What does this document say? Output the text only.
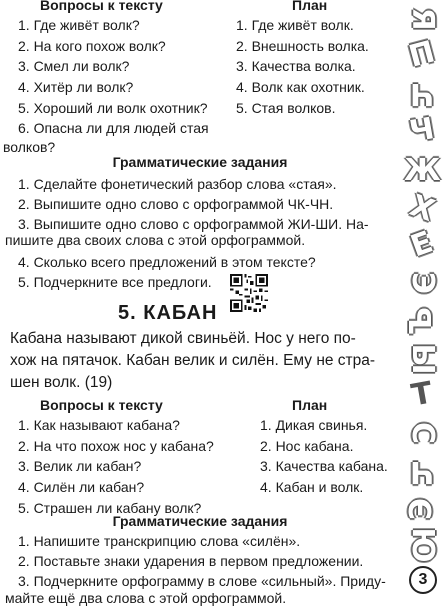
Вопросы к тексту	План
1. Где живёт волк?
2. На кого похож волк?
3. Смел ли волк?
4. Хитёр ли волк?
5. Хороший ли волк охотник?
6. Опасна ли для людей стая
волков?
1. Где живёт волк.
2. Внешность волка.
3. Качества волка.
4. Волк как охотник.
5. Стая волков.
Грамматические задания
1. Сделайте фонетический разбор слова «стая».
2. Выпишите одно слово с орфограммой ЧК-ЧН.
3. Выпишите одно слово с орфограммой ЖИ-ШИ. На-
пишите два своих слова с этой орфограммой.
4. Сколько всего предложений в этом тексте?
5. Подчеркните все предлоги.
5. КАБАН
Кабана называют дикой свиньёй. Нос у него по-
хож на пятачок. Кабан велик и силён. Ему не стра-
шен волк. (19)
Вопросы к тексту	План
1. Как называют кабана?
2. На что похож нос у кабана?
3. Велик ли кабан?
4. Силён ли кабан?
5. Страшен ли кабану волк?
1. Дикая свинья.
2. Нос кабана.
3. Качества кабана.
4. Кабан и волк.
Грамматические задания
1. Напишите транскрипцию слова «силён».
2. Поставьте знаки ударения в первом предложении.
3. Подчеркните орфограмму в слове «сильный». Приду-
майте ещё два слова с этой орфограммой.
Я
П
Ч
Ч
Ж
Х
Е
Э
Ъ
Ы
Т
С
Ч
Э
Ю
3
